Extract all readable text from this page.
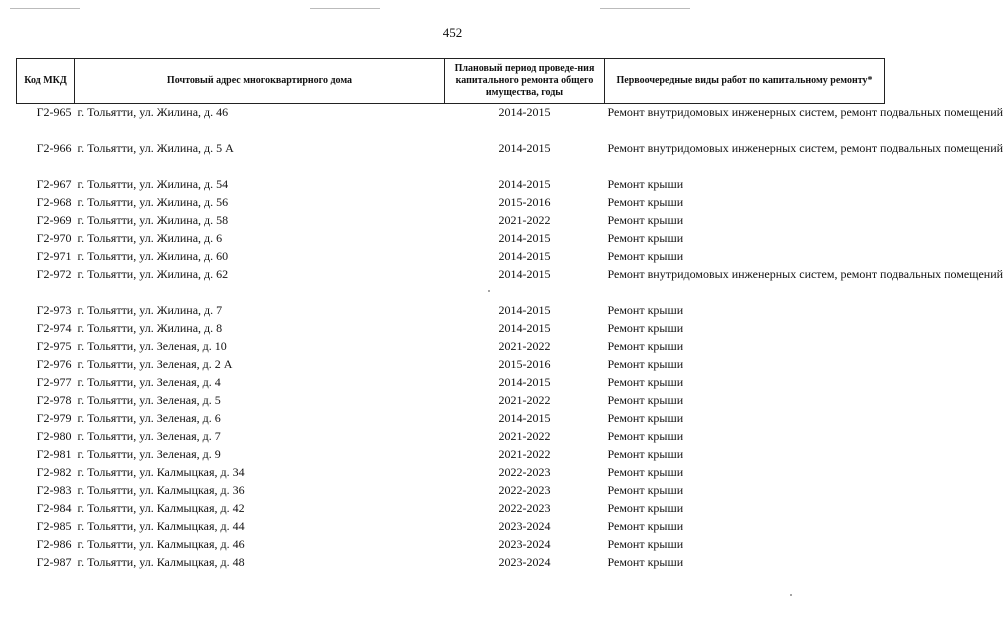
452
Код МКД	Почтовый адрес многоквартирного дома	Плановый период проведе-ния капитального ремонта общего имущества, годы	Первоочередные виды работ по капитальному ремонту*
Г2-965	г. Тольятти, ул. Жилина, д. 46	2014-2015	Ремонт внутридомовых инженерных систем, ремонт подвальных помещений
Г2-966	г. Тольятти, ул. Жилина, д. 5 А	2014-2015	Ремонт внутридомовых инженерных систем, ремонт подвальных помещений
Г2-967	г. Тольятти, ул. Жилина, д. 54	2014-2015	Ремонт крыши
Г2-968	г. Тольятти, ул. Жилина, д. 56	2015-2016	Ремонт крыши
Г2-969	г. Тольятти, ул. Жилина, д. 58	2021-2022	Ремонт крыши
Г2-970	г. Тольятти, ул. Жилина, д. 6	2014-2015	Ремонт крыши
Г2-971	г. Тольятти, ул. Жилина, д. 60	2014-2015	Ремонт крыши
Г2-972	г. Тольятти, ул. Жилина, д. 62	2014-2015	Ремонт внутридомовых инженерных систем, ремонт подвальных помещений
Г2-973	г. Тольятти, ул. Жилина, д. 7	2014-2015	Ремонт крыши
Г2-974	г. Тольятти, ул. Жилина, д. 8	2014-2015	Ремонт крыши
Г2-975	г. Тольятти, ул. Зеленая, д. 10	2021-2022	Ремонт крыши
Г2-976	г. Тольятти, ул. Зеленая, д. 2 А	2015-2016	Ремонт крыши
Г2-977	г. Тольятти, ул. Зеленая, д. 4	2014-2015	Ремонт крыши
Г2-978	г. Тольятти, ул. Зеленая, д. 5	2021-2022	Ремонт крыши
Г2-979	г. Тольятти, ул. Зеленая, д. 6	2014-2015	Ремонт крыши
Г2-980	г. Тольятти, ул. Зеленая, д. 7	2021-2022	Ремонт крыши
Г2-981	г. Тольятти, ул. Зеленая, д. 9	2021-2022	Ремонт крыши
Г2-982	г. Тольятти, ул. Калмыцкая, д. 34	2022-2023	Ремонт крыши
Г2-983	г. Тольятти, ул. Калмыцкая, д. 36	2022-2023	Ремонт крыши
Г2-984	г. Тольятти, ул. Калмыцкая, д. 42	2022-2023	Ремонт крыши
Г2-985	г. Тольятти, ул. Калмыцкая, д. 44	2023-2024	Ремонт крыши
Г2-986	г. Тольятти, ул. Калмыцкая, д. 46	2023-2024	Ремонт крыши
Г2-987	г. Тольятти, ул. Калмыцкая, д. 48	2023-2024	Ремонт крыши
